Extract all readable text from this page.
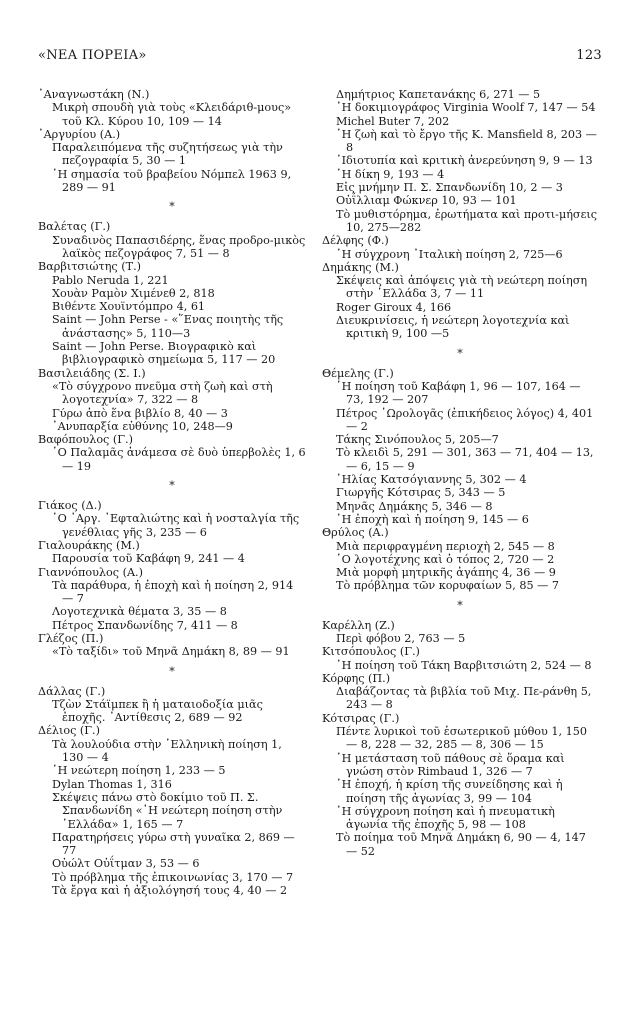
«ΝΕΑ ΠΟΡΕΙΑ»	123
᾿Αναγνωστάκη (Ν.)
Μικρὴ σπουδὴ γιὰ τοὺς «Κλειδάριθ-μους» τοῦ Κλ. Κύρου 10, 109 — 14
᾿Αργυρίου (Α.)
Παραλειπόμενα τῆς συζητήσεως γιὰ τὴν πεζογραφία 5, 30 — 1
῾Η σημασία τοῦ βραβείου Νόμπελ 1963 9, 289 — 91
*
Βαλέτας (Γ.)
Συναδινὸς Παπασιδέρης, ἕνας προδρο-μικὸς λαϊκὸς πεζογράφος 7, 51 — 8
Βαρβιτσιώτης (Τ.)
Pablo Neruda 1, 221
Χουὰν Ραμὸν Χιμένεθ 2, 818
Βιθέντε Χουϊντόμπρο 4, 61
Saint — John Perse - «῞Ενας ποιητὴς τῆς ἀνάστασης» 5, 110—3
Saint — John Perse. Βιογραφικὸ καὶ βιβλιογραφικὸ σημείωμα 5, 117 — 20
Βασιλειάδης (Σ. Ι.)
«Τὸ σύγχρονο πνεῦμα στὴ ζωὴ καὶ στὴ λογοτεχνία» 7, 322 — 8
Γύρω ἀπὸ ἕνα βιβλίο 8, 40 — 3
᾿Ανυπαρξία εὐθύνης 10, 248—9
Βαφόπουλος (Γ.)
῾Ο Παλαμᾶς ἀνάμεσα σὲ δυὸ ὑπερβολὲς 1, 6 — 19
*
Γιάκος (Δ.)
῾Ο ᾿Αργ. ᾿Εφταλιώτης καὶ ἡ νοσταλγία τῆς γενέθλιας γῆς 3, 235 — 6
Γιαλουράκης (Μ.)
Παρουσία τοῦ Καβάφη 9, 241 — 4
Γιαννόπουλος (Α.)
Τὰ παράθυρα, ἡ ἐποχὴ καὶ ἡ ποίηση 2, 914 — 7
Λογοτεχνικὰ θέματα 3, 35 — 8
Πέτρος Σπανδωνίδης 7, 411 — 8
Γλέζος (Π.)
«Τὸ ταξίδι» τοῦ Μηνᾶ Δημάκη 8, 89 — 91
*
Δάλλας (Γ.)
Τζὼν Στάϊμπεκ ἢ ἡ ματαιοδοξία μιᾶς ἐποχῆς. ᾿Αντίθεσις 2, 689 — 92
Δέλιος (Γ.)
Τὰ λουλούδια στὴν ῾Ελληνικὴ ποίηση 1, 130 — 4
῾Η νεώτερη ποίηση 1, 233 — 5
Dylan Thomas 1, 316
Σκέψεις πάνω στὸ δοκίμιο τοῦ Π. Σ. Σπανδωνίδη «῾Η νεώτερη ποίηση στὴν ῾Ελλάδα» 1, 165 — 7
Παρατηρήσεις γύρω στὴ γυναῖκα 2, 869 — 77
Οὐώλτ Οὐΐτμαν 3, 53 — 6
Τὸ πρόβλημα τῆς ἐπικοινωνίας 3, 170 — 7
Τὰ ἔργα καὶ ἡ ἀξιολόγησή τους 4, 40 — 2
Δημήτριος Καπετανάκης 6, 271 — 5
῾Η δοκιμιογράφος Virginia Woolf 7, 147 — 54
Michel Buter 7, 202
῾Η ζωὴ καὶ τὸ ἔργο τῆς K. Mansfield 8, 203 — 8
᾿Ιδιοτυπία καὶ κριτικὴ ἀνερεύνηση 9, 9 — 13
῾Η δίκη 9, 193 — 4
Εἰς μνήμην Π. Σ. Σπανδωνίδη 10, 2 — 3
Οὐΐλλιαμ Φώκνερ 10, 93 — 101
Τὸ μυθιστόρημα, ἐρωτήματα καὶ προτι-μήσεις 10, 275—282
Δέλφης (Φ.)
῾Η σύγχρονη ᾿Ιταλικὴ ποίηση 2, 725—6
Δημάκης (Μ.)
Σκέψεις καὶ ἀπόψεις γιὰ τὴ νεώτερη ποίηση στὴν ῾Ελλάδα 3, 7 — 11
Roger Giroux 4, 166
Διευκρινίσεις, ἡ νεώτερη λογοτεχνία καὶ κριτικὴ 9, 100 —5
*
Θέμελης (Γ.)
῾Η ποίηση τοῦ Καβάφη 1, 96 — 107, 164 — 73, 192 — 207
Πέτρος ῾Ωρολογᾶς (ἐπικήδειος λόγος) 4, 401 — 2
Τάκης Σινόπουλος 5, 205—7
Τὸ κλειδὶ 5, 291 — 301, 363 — 71, 404 — 13, — 6, 15 — 9
῾Ηλίας Κατσόγιαννης 5, 302 — 4
Γιωργῆς Κότσιρας 5, 343 — 5
Μηνᾶς Δημάκης 5, 346 — 8
῾Η ἐποχὴ καὶ ἡ ποίηση 9, 145 — 6
Θρύλος (Α.)
Μιὰ περιφραγμένη περιοχὴ 2, 545 — 8
῾Ο λογοτέχνης καὶ ὁ τόπος 2, 720 — 2
Μιὰ μορφὴ μητρικῆς ἀγάπης 4, 36 — 9
Τὸ πρόβλημα τῶν κορυφαίων 5, 85 — 7
*
Καρέλλη (Ζ.)
Περὶ φόβου 2, 763 — 5
Κιτσόπουλος (Γ.)
῾Η ποίηση τοῦ Τάκη Βαρβιτσιώτη 2, 524 — 8
Κόρφης (Π.)
Διαβάζοντας τὰ βιβλία τοῦ Μιχ. Πε-ράνθη 5, 243 — 8
Κότσιρας (Γ.)
Πέντε λυρικοὶ τοῦ ἐσωτερικοῦ μύθου 1, 150 — 8, 228 — 32, 285 — 8, 306 — 15
῾Η μετάσταση τοῦ πάθους σὲ ὅραμα καὶ γνώση στὸν Rimbaud 1, 326 — 7
῾Η ἐποχή, ἡ κρίση τῆς συνείδησης καὶ ἡ ποίηση τῆς ἀγωνίας 3, 99 — 104
῾Η σύγχρονη ποίηση καὶ ἡ πνευματικὴ ἀγωνία τῆς ἐποχῆς 5, 98 — 108
Τὸ ποίημα τοῦ Μηνᾶ Δημάκη 6, 90 — 4, 147 — 52
